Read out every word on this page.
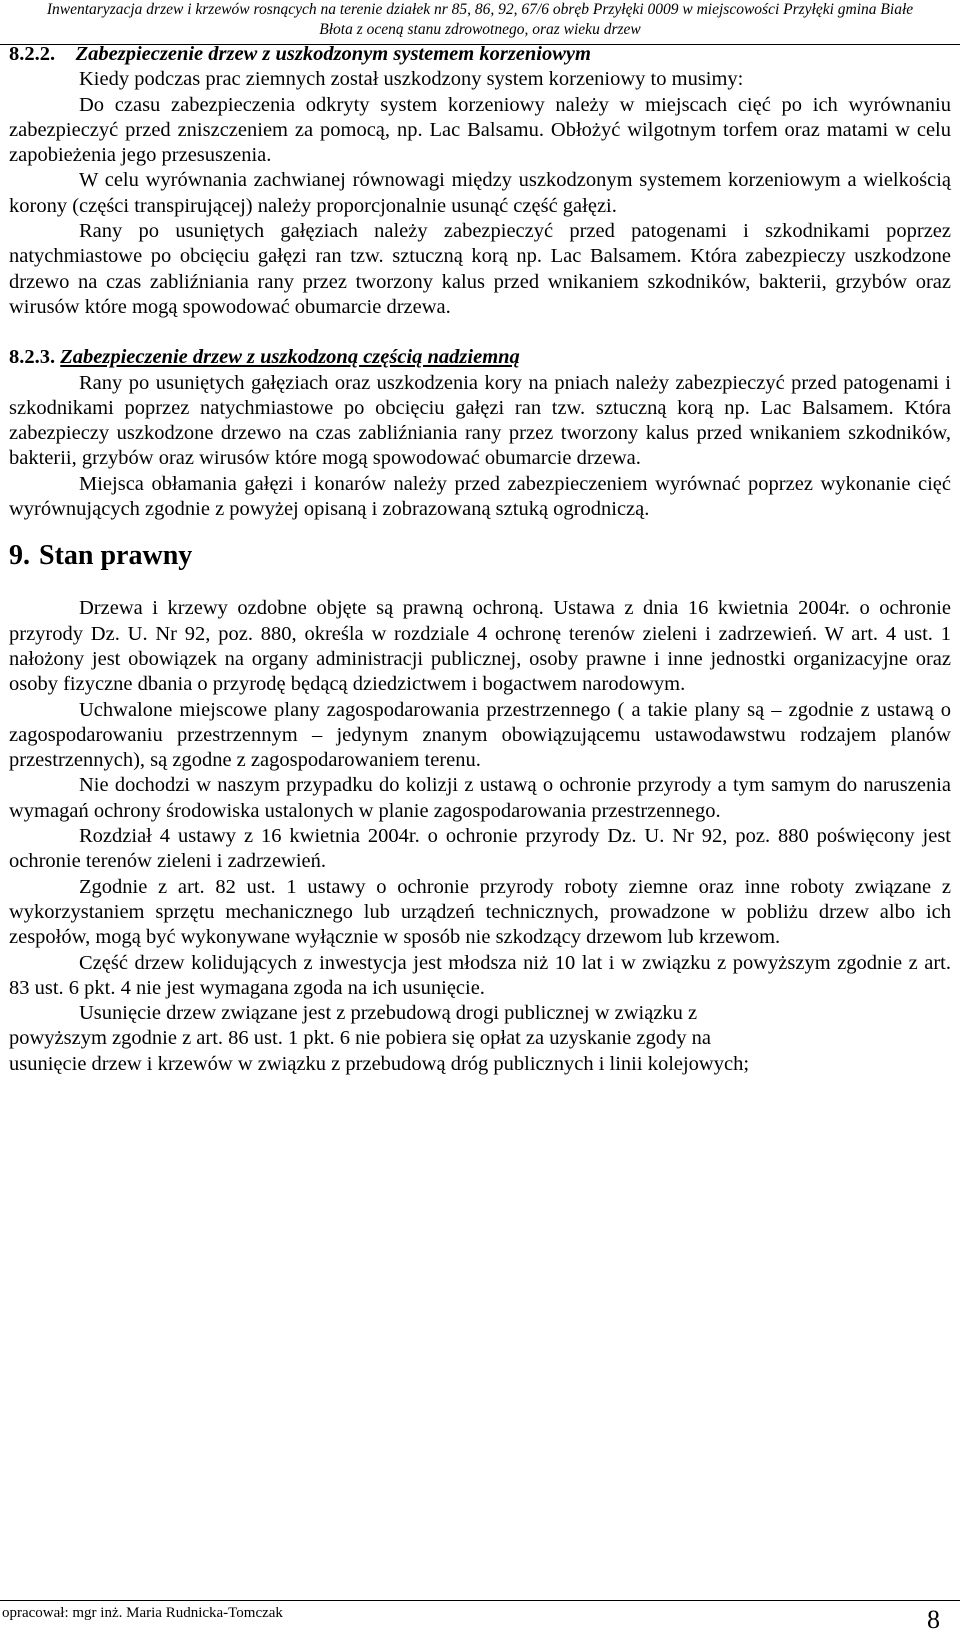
Inwentaryzacja drzew i krzewów rosnących na terenie działek nr 85, 86, 92, 67/6 obręb Przyłęki 0009 w miejscowości Przyłęki gmina Białe
Błota z oceną stanu zdrowotnego, oraz wieku drzew
8.2.2. Zabezpieczenie drzew z uszkodzonym systemem korzeniowym

Kiedy podczas prac ziemnych został uszkodzony system korzeniowy to musimy:

Do czasu zabezpieczenia odkryty system korzeniowy należy w miejscach cięć po ich wyrównaniu zabezpieczyć przed zniszczeniem za pomocą, np. Lac Balsamu. Obłożyć wilgotnym torfem oraz matami w celu zapobieżenia jego przesuszenia.

W celu wyrównania zachwianej równowagi między uszkodzonym systemem korzeniowym a wielkością korony (części transpirującej) należy proporcjonalnie usunąć część gałęzi.

Rany po usuniętych gałęziach należy zabezpieczyć przed patogenami i szkodnikami poprzez natychmiastowe po obcięciu gałęzi ran tzw. sztuczną korą np. Lac Balsamem. Która zabezpieczy uszkodzone drzewo na czas zabliźniania rany przez tworzony kalus przed wnikaniem szkodników, bakterii, grzybów oraz wirusów które mogą spowodować obumarcie drzewa.

8.2.3. Zabezpieczenie drzew z uszkodzoną częścią nadziemną

Rany po usuniętych gałęziach oraz uszkodzenia kory na pniach należy zabezpieczyć przed patogenami i szkodnikami poprzez natychmiastowe po obcięciu gałęzi ran tzw. sztuczną korą np. Lac Balsamem. Która zabezpieczy uszkodzone drzewo na czas zabliźniania rany przez tworzony kalus przed wnikaniem szkodników, bakterii, grzybów oraz wirusów które mogą spowodować obumarcie drzewa.

Miejsca obłamania gałęzi i konarów należy przed zabezpieczeniem wyrównać poprzez wykonanie cięć wyrównujących zgodnie z powyżej opisaną i zobrazowaną sztuką ogrodniczą.

9. Stan prawny

Drzewa i krzewy ozdobne objęte są prawną ochroną. Ustawa z dnia 16 kwietnia 2004r. o ochronie przyrody Dz. U. Nr 92, poz. 880, określa w rozdziale 4 ochronę terenów zieleni i zadrzewień. W art. 4 ust. 1 nałożony jest obowiązek na organy administracji publicznej, osoby prawne i inne jednostki organizacyjne oraz osoby fizyczne dbania o przyrodę będącą dziedzictwem i bogactwem narodowym.

Uchwalone miejscowe plany zagospodarowania przestrzennego ( a takie plany są – zgodnie z ustawą o zagospodarowaniu przestrzennym – jedynym znanym obowiązującemu ustawodawstwu rodzajem planów przestrzennych), są zgodne z zagospodarowaniem terenu.

Nie dochodzi w naszym przypadku do kolizji z ustawą o ochronie przyrody a tym samym do naruszenia wymagań ochrony środowiska ustalonych w planie zagospodarowania przestrzennego.

Rozdział 4 ustawy z 16 kwietnia 2004r. o ochronie przyrody Dz. U. Nr 92, poz. 880 poświęcony jest ochronie terenów zieleni i zadrzewień.

Zgodnie z art. 82 ust. 1 ustawy o ochronie przyrody roboty ziemne oraz inne roboty związane z wykorzystaniem sprzętu mechanicznego lub urządzeń technicznych, prowadzone w pobliżu drzew albo ich zespołów, mogą być wykonywane wyłącznie w sposób nie szkodzący drzewom lub krzewom.

Część drzew kolidujących z inwestycja jest młodsza niż 10 lat i w związku z powyższym zgodnie z art. 83 ust. 6 pkt. 4 nie jest wymagana zgoda na ich usunięcie.

Usunięcie drzew związane jest z przebudową drogi publicznej w związku z
powyższym zgodnie z art. 86 ust. 1 pkt. 6 nie pobiera się opłat za uzyskanie zgody na
usunięcie drzew i krzewów w związku z przebudową dróg publicznych i linii kolejowych;
opracował: mgr inż. Maria Rudnicka-Tomczak	8
